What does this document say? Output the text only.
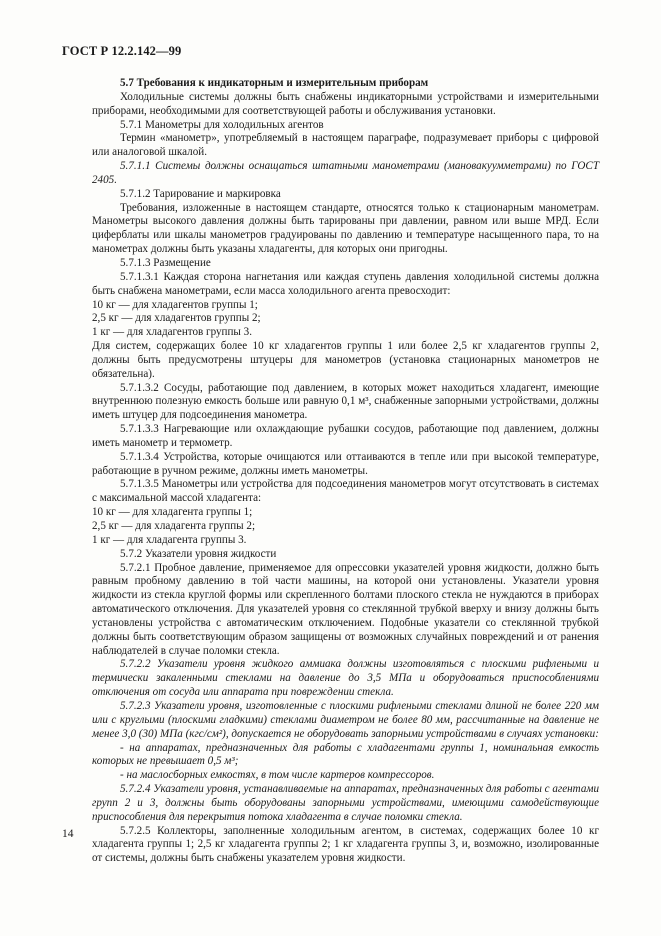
ГОСТ Р 12.2.142—99

5.7 Требования к индикаторным и измерительным приборам

Холодильные системы должны быть снабжены индикаторными устройствами и измерительными приборами, необходимыми для соответствующей работы и обслуживания установки.

5.7.1 Манометры для холодильных агентов

Термин «манометр», употребляемый в настоящем параграфе, подразумевает приборы с цифровой или аналоговой шкалой.

5.7.1.1 Системы должны оснащаться штатными манометрами (мановакуумметрами) по ГОСТ 2405.

5.7.1.2 Тарирование и маркировка

Требования, изложенные в настоящем стандарте, относятся только к стационарным манометрам. Манометры высокого давления должны быть тарированы при давлении, равном или выше МРД. Если циферблаты или шкалы манометров градуированы по давлению и температуре насыщенного пара, то на манометрах должны быть указаны хладагенты, для которых они пригодны.

5.7.1.3 Размещение

5.7.1.3.1 Каждая сторона нагнетания или каждая ступень давления холодильной системы должна быть снабжена манометрами, если масса холодильного агента превосходит:

10 кг — для хладагентов группы 1;

2,5 кг — для хладагентов группы 2;

1 кг — для хладагентов группы 3.

Для систем, содержащих более 10 кг хладагентов группы 1 или более 2,5 кг хладагентов группы 2, должны быть предусмотрены штуцеры для манометров (установка стационарных манометров не обязательна).

5.7.1.3.2 Сосуды, работающие под давлением, в которых может находиться хладагент, имеющие внутреннюю полезную емкость больше или равную 0,1 м³, снабженные запорными устройствами, должны иметь штуцер для подсоединения манометра.

5.7.1.3.3 Нагревающие или охлаждающие рубашки сосудов, работающие под давлением, должны иметь манометр и термометр.

5.7.1.3.4 Устройства, которые очищаются или оттаиваются в тепле или при высокой температуре, работающие в ручном режиме, должны иметь манометры.

5.7.1.3.5 Манометры или устройства для подсоединения манометров могут отсутствовать в системах с максимальной массой хладагента:

10 кг — для хладагента группы 1;

2,5 кг — для хладагента группы 2;

1 кг — для хладагента группы 3.

5.7.2 Указатели уровня жидкости

5.7.2.1 Пробное давление, применяемое для опрессовки указателей уровня жидкости, должно быть равным пробному давлению в той части машины, на которой они установлены. Указатели уровня жидкости из стекла круглой формы или скрепленного болтами плоского стекла не нуждаются в приборах автоматического отключения. Для указателей уровня со стеклянной трубкой вверху и внизу должны быть установлены устройства с автоматическим отключением. Подобные указатели со стеклянной трубкой должны быть соответствующим образом защищены от возможных случайных повреждений и от ранения наблюдателей в случае поломки стекла.

5.7.2.2 Указатели уровня жидкого аммиака должны изготовляться с плоскими рифлеными и термически закаленными стеклами на давление до 3,5 МПа и оборудоваться приспособлениями отключения от сосуда или аппарата при повреждении стекла.

5.7.2.3 Указатели уровня, изготовленные с плоскими рифлеными стеклами длиной не более 220 мм или с круглыми (плоскими гладкими) стеклами диаметром не более 80 мм, рассчитанные на давление не менее 3,0 (30) МПа (кгс/см²), допускается не оборудовать запорными устройствами в случаях установки:

- на аппаратах, предназначенных для работы с хладагентами группы 1, номинальная емкость которых не превышает 0,5 м³;

- на маслосборных емкостях, в том числе картеров компрессоров.

5.7.2.4 Указатели уровня, устанавливаемые на аппаратах, предназначенных для работы с агентами групп 2 и 3, должны быть оборудованы запорными устройствами, имеющими самодействующие приспособления для перекрытия потока хладагента в случае поломки стекла.

5.7.2.5 Коллекторы, заполненные холодильным агентом, в системах, содержащих более 10 кг хладагента группы 1; 2,5 кг хладагента группы 2; 1 кг хладагента группы 3, и, возможно, изолированные от системы, должны быть снабжены указателем уровня жидкости.

14
